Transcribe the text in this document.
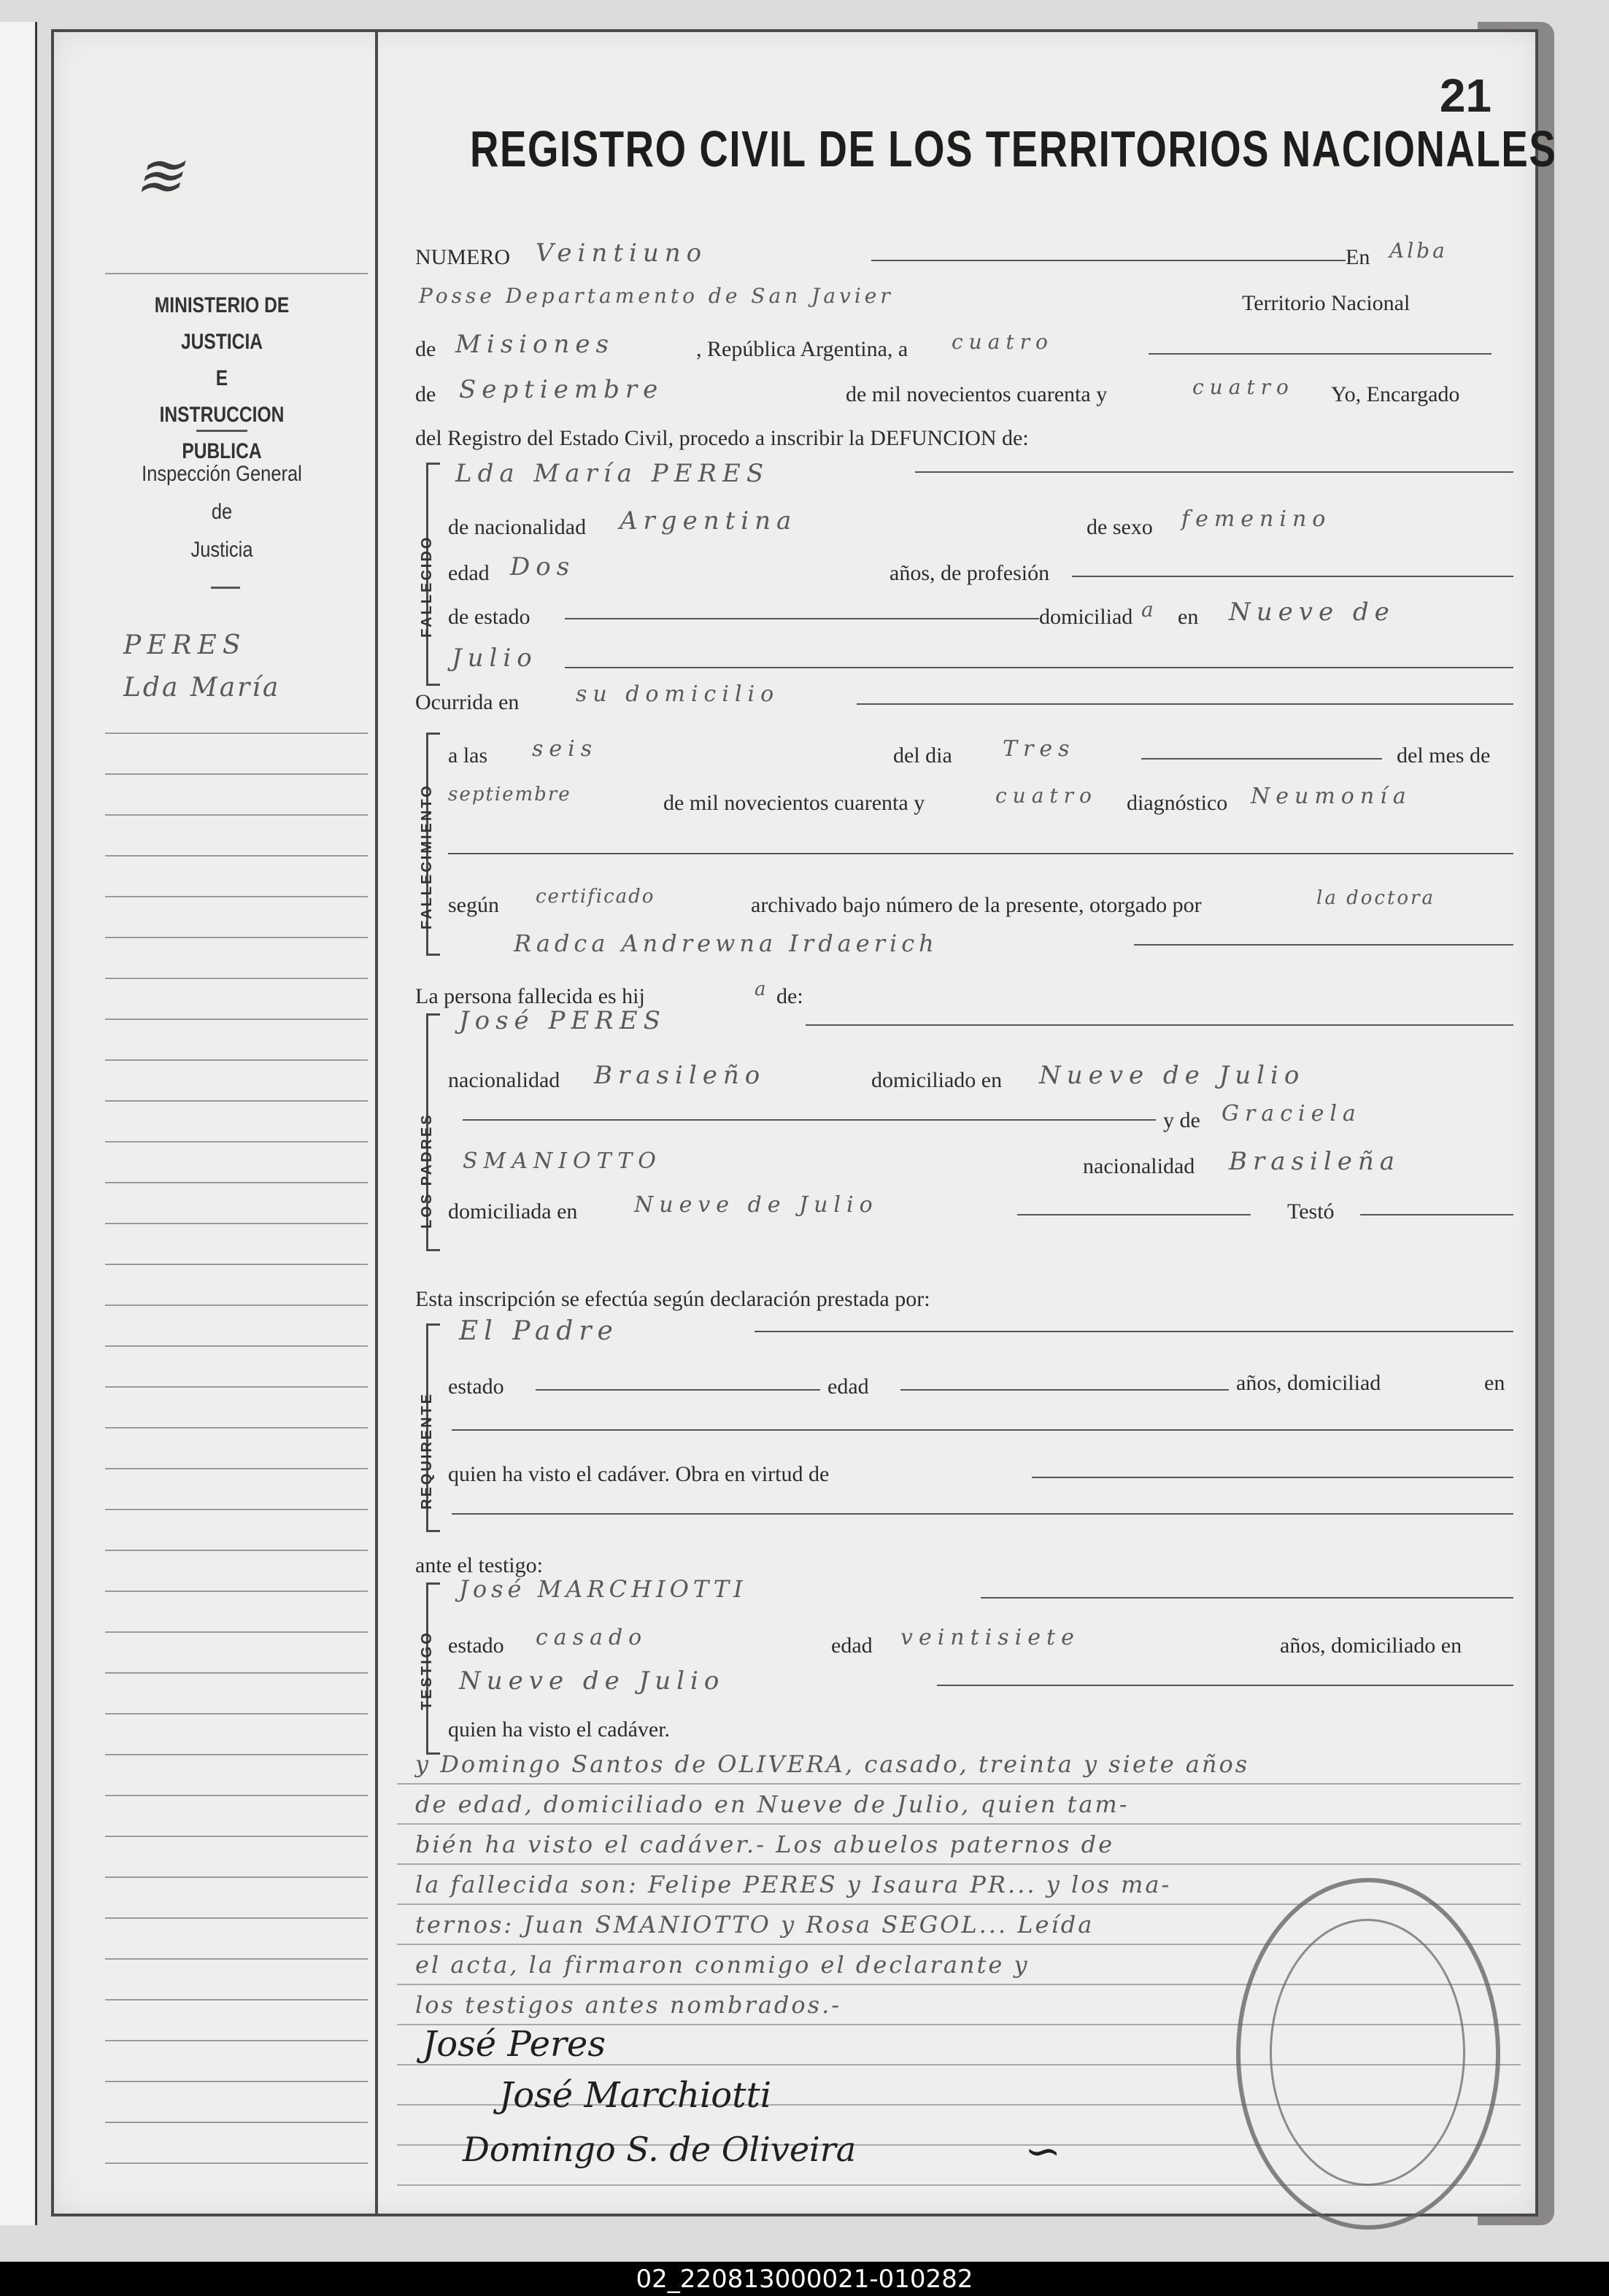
≋
MINISTERIO DE JUSTICIA
E
INSTRUCCION PUBLICA
Inspección General
de
Justicia
PERES
Lda María
21
REGISTRO CIVIL DE LOS TERRITORIOS NACIONALES
NUMERO Veintiuno	En Alba
Posse Departamento de San Javier	Territorio Nacional
de Misiones	, República Argentina, a cuatro
de Septiembre	de mil novecientos cuarenta y	cuatro Yo, Encargado
del Registro del Estado Civil, procedo a inscribir la DEFUNCION de:
FALLECIDO
Lda María PERES
de nacionalidad Argentina	de sexo femenino
edad Dos	años, de profesión
de estado	domiciliad a en Nueve de
Julio
Ocurrida en	su domicilio
FALLECIMIENTO
a las seis	del dia Tres	del mes de
septiembre	de mil novecientos cuarenta y	cuatro diagnóstico Neumonía
según certificado	archivado bajo número de la presente, otorgado por	la doctora
Radca Andrewna Irdaerich
La persona fallecida es hij	a de:
LOS PADRES
José PERES
nacionalidad Brasileño	domiciliado en Nueve de Julio
y de Graciela
SMANIOTTO	nacionalidad Brasileña
domiciliada en	Nueve de Julio	Testó
Esta inscripción se efectúa según declaración prestada por:
REQUIRENTE
El Padre
estado	edad	años, domiciliad	en
quien ha visto el cadáver. Obra en virtud de
ante el testigo:
TESTIGO
José MARCHIOTTI
estado casado	edad veintisiete	años, domiciliado en
Nueve de Julio
quien ha visto el cadáver.
y Domingo Santos de OLIVERA, casado, treinta y siete años
de edad, domiciliado en Nueve de Julio, quien tam-
bién ha visto el cadáver.- Los abuelos paternos de
la fallecida son: Felipe PERES y Isaura PR... y los ma-
ternos: Juan SMANIOTTO y Rosa SEGOL... Leída
el acta, la firmaron conmigo el declarante y
los testigos antes nombrados.-
José Peres
José Marchiotti
Domingo S. de Oliveira	∽
02_220813000021-010282
